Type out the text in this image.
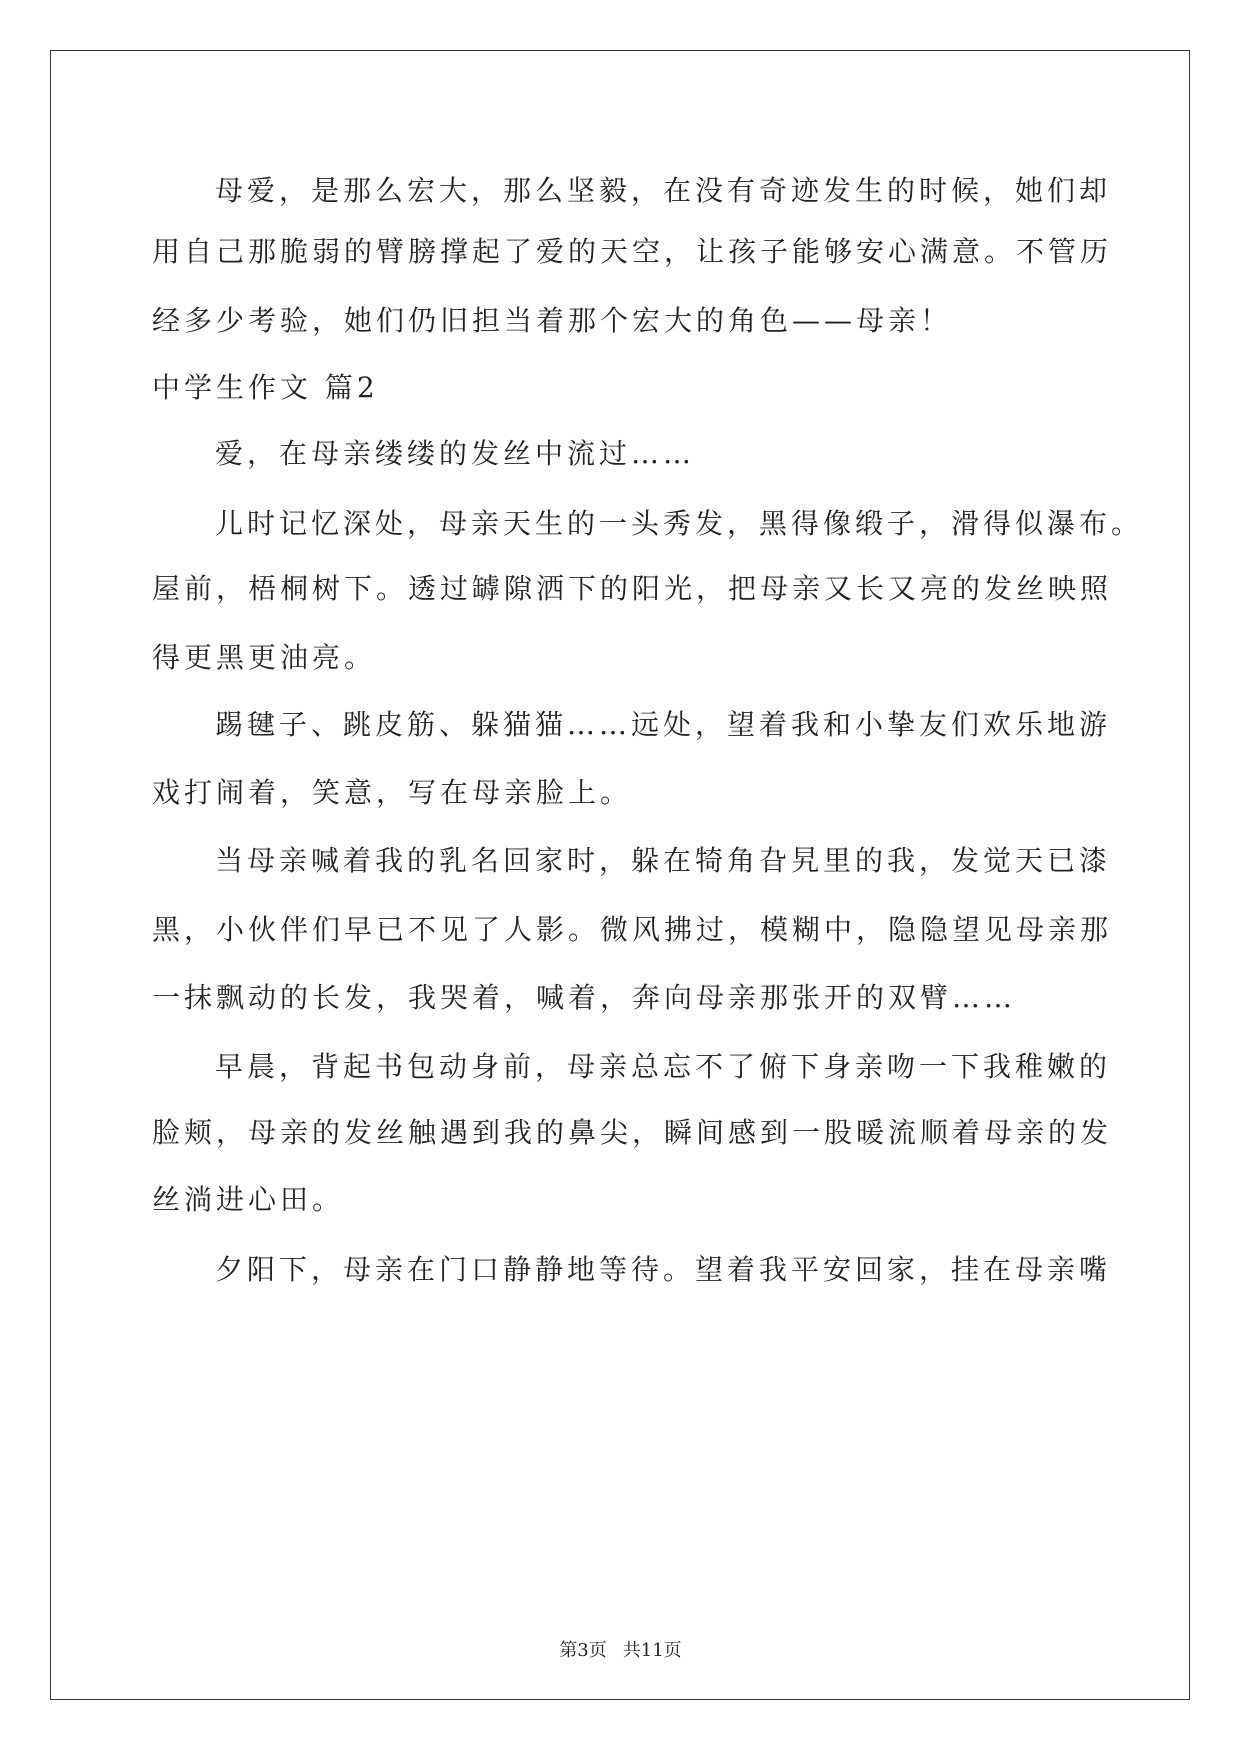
母爱，是那么宏大，那么坚毅，在没有奇迹发生的时候，她们却
用自己那脆弱的臂膀撑起了爱的天空，让孩子能够安心满意。不管历
经多少考验，她们仍旧担当着那个宏大的角色——母亲！
中学生作文 篇2
爱，在母亲缕缕的发丝中流过……
儿时记忆深处，母亲天生的一头秀发，黑得像缎子，滑得似瀑布。
屋前，梧桐树下。透过罅隙洒下的阳光，把母亲又长又亮的发丝映照
得更黑更油亮。
踢毽子、跳皮筋、躲猫猫……远处，望着我和小挚友们欢乐地游
戏打闹着，笑意，写在母亲脸上。
当母亲喊着我的乳名回家时，躲在犄角旮旯里的我，发觉天已漆
黑，小伙伴们早已不见了人影。微风拂过，模糊中，隐隐望见母亲那
一抹飘动的长发，我哭着，喊着，奔向母亲那张开的双臂……
早晨，背起书包动身前，母亲总忘不了俯下身亲吻一下我稚嫩的
脸颊，母亲的发丝触遇到我的鼻尖，瞬间感到一股暖流顺着母亲的发
丝淌进心田。
夕阳下，母亲在门口静静地等待。望着我平安回家，挂在母亲嘴
第3页 共11页
